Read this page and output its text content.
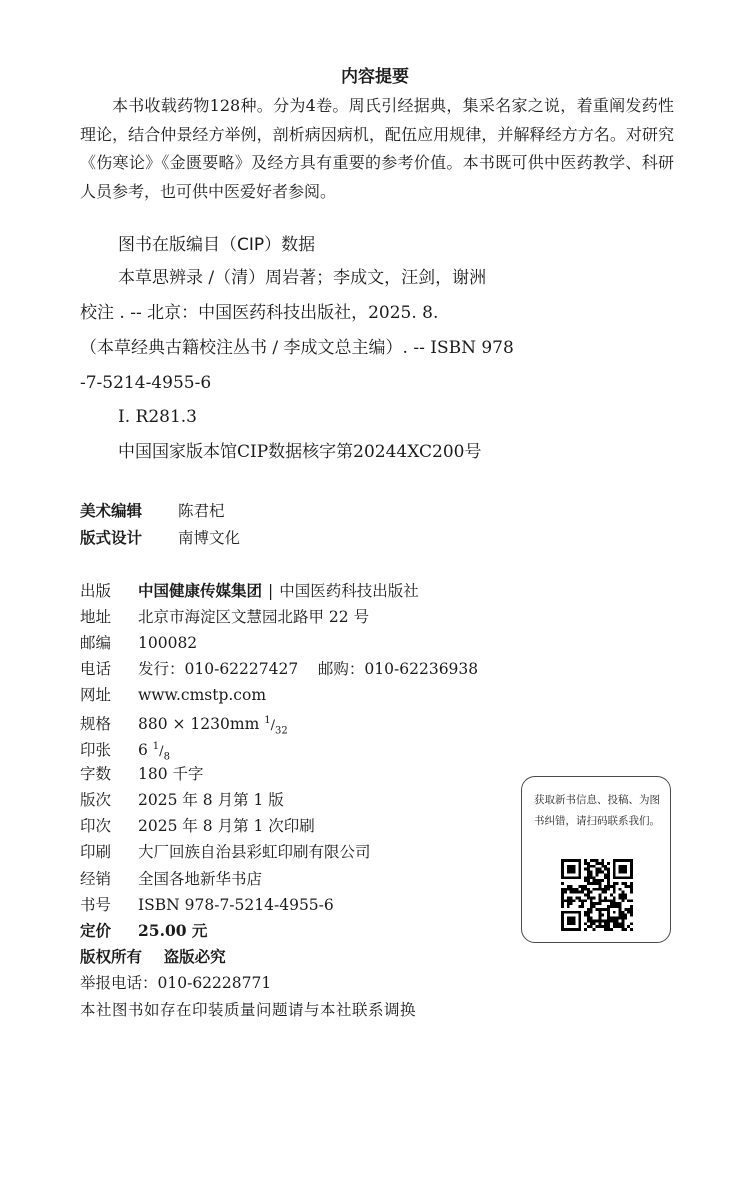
内容提要
本书收载药物128种。分为4卷。周氏引经据典，集采名家之说，着重阐发药性理论，结合仲景经方举例，剖析病因病机，配伍应用规律，并解释经方方名。对研究《伤寒论》《金匮要略》及经方具有重要的参考价值。本书既可供中医药教学、科研人员参考，也可供中医爱好者参阅。
图书在版编目（CIP）数据
本草思辨录 /（清）周岩著；李成文，汪剑，谢洲
校注 . -- 北京：中国医药科技出版社，2025. 8.
（本草经典古籍校注丛书 / 李成文总主编）. -- ISBN 978
-7-5214-4955-6
Ⅰ. R281.3
中国国家版本馆CIP数据核字第20244XC200号
美术编辑 陈君杞
版式设计 南博文化
出版 中国健康传媒集团 | 中国医药科技出版社
地址 北京市海淀区文慧园北路甲 22 号
邮编 100082
电话 发行：010-62227427    邮购：010-62236938
网址 www.cmstp.com
规格 880 × 1230mm $^1/_{32}$
印张 6 $^1/_8$
字数 180 千字
版次 2025 年 8 月第 1 版
印次 2025 年 8 月第 1 次印刷
印刷 大厂回族自治县彩虹印刷有限公司
经销 全国各地新华书店
书号 ISBN 978-7-5214-4955-6
定价 25.00 元
版权所有    盗版必究
举报电话：010-62228771
本社图书如存在印装质量问题请与本社联系调换
获取新书信息、投稿、为图书纠错，请扫码联系我们。
